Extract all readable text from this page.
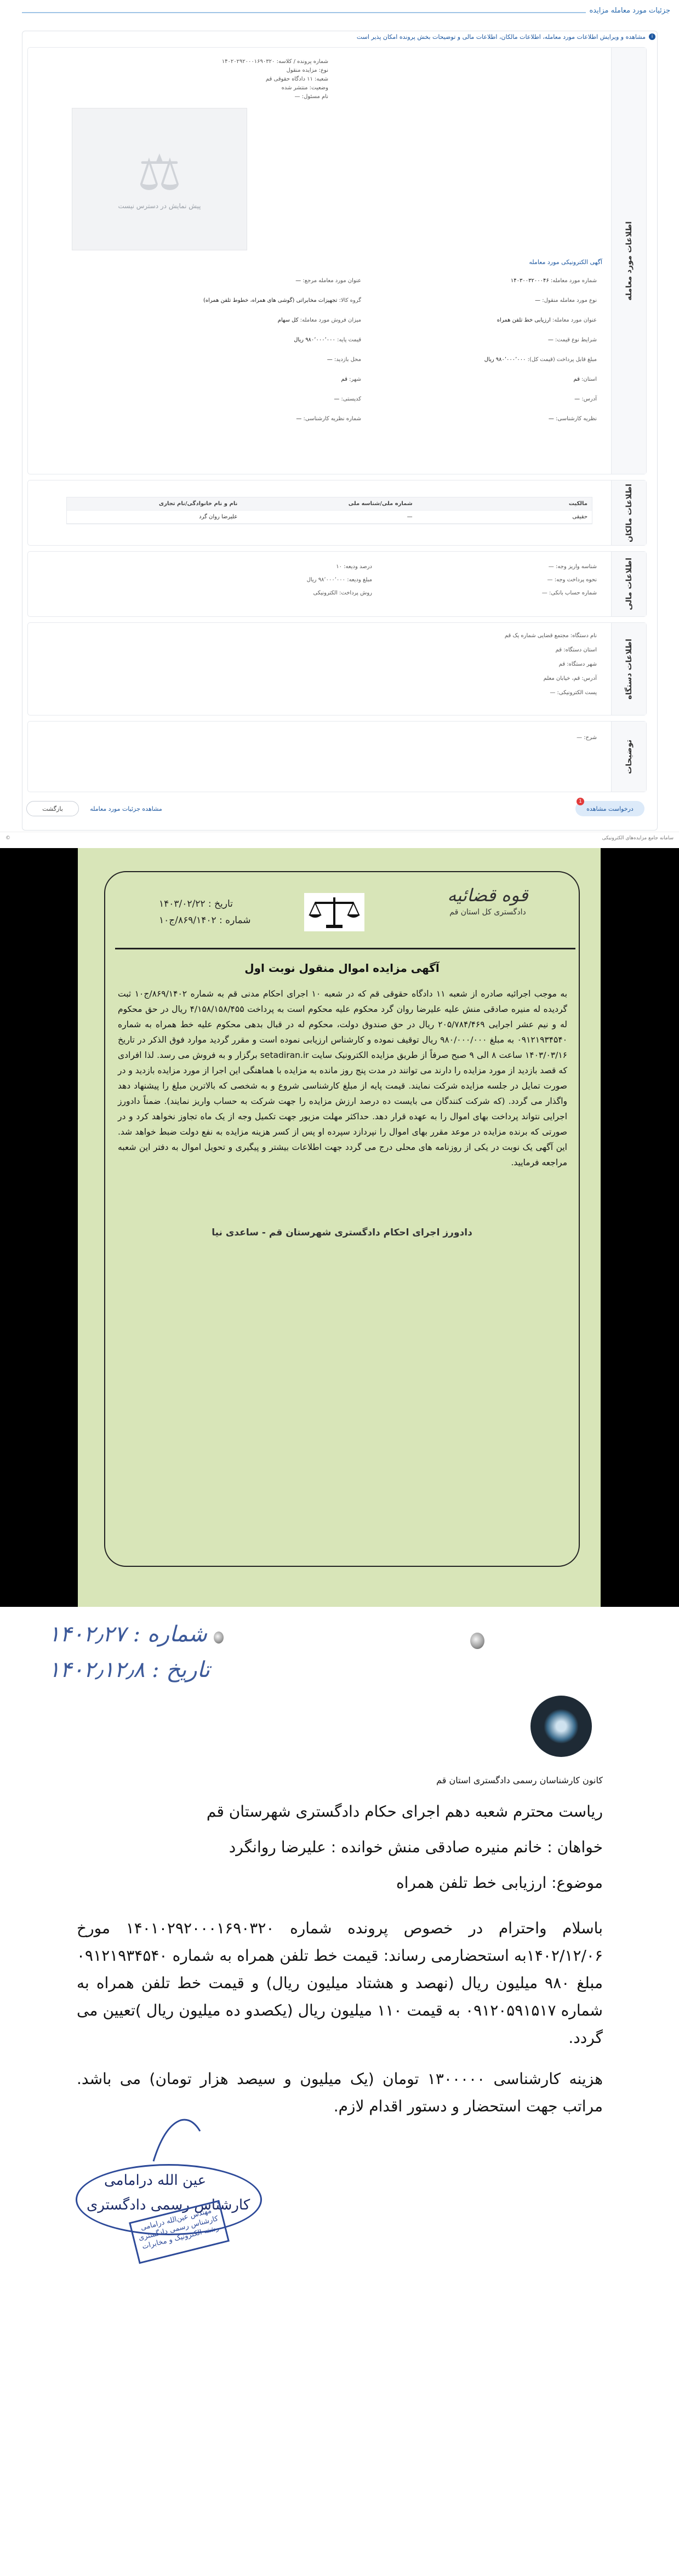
جزئیات مورد معامله مزایده
i
مشاهده و ویرایش اطلاعات مورد معامله، اطلاعات مالکان، اطلاعات مالی و توضیحات بخش پرونده امکان پذیر است
اطلاعات مورد معامله
شماره پرونده / کلاسه: ۱۴۰۲۰۲۹۲۰۰۰۱۶۹۰۳۲۰
نوع: مزایده منقول
شعبه: ۱۱ دادگاه حقوقی قم
وضعیت: منتشر شده
نام مسئول: —
⚖
پیش نمایش در دسترس نیست
آگهی الکترونیکی مورد معامله
شماره مورد معامله: ۱۴۰۳۰۰۳۲۰۰۰۴۶
عنوان مورد معامله مرجع: —
نوع مورد معامله منقول: —
گروه کالا: تجهیزات مخابراتی (گوشی های همراه، خطوط تلفن همراه)
عنوان مورد معامله: ارزیابی خط تلفن همراه
میزان فروش مورد معامله: کل سهام
شرایط نوع قیمت: —
قیمت پایه: ۹۸۰٬۰۰۰٬۰۰۰ ریال
مبلغ قابل پرداخت (قیمت کل): ۹۸۰٬۰۰۰٬۰۰۰ ریال
محل بازدید: —
استان: قم
شهر: قم
آدرس: —
کدپستی: —
نظریه کارشناسی: —
شماره نظریه کارشناسی: —
اطلاعات مالکان
مالکیت
شماره ملی/شناسه ملی
نام و نام خانوادگی/نام تجاری
حقیقی
—
علیرضا روان گرد
اطلاعات مالی
شناسه واریز وجه: —
درصد ودیعه: ۱۰
نحوه پرداخت وجه: —
مبلغ ودیعه: ۹۸٬۰۰۰٬۰۰۰ ریال
شماره حساب بانکی: —
روش پرداخت: الکترونیکی
اطلاعات دستگاه
نام دستگاه: مجتمع قضایی شماره یک قم
استان دستگاه: قم
شهر دستگاه: قم
آدرس: قم، خیابان معلم
پست الکترونیکی: —
توضیحات
شرح: —
بازگشت	مشاهده جزئیات مورد معامله
1
درخواست مشاهده
سامانه جامع مزایده‌های الکترونیکی
©
قوه قضائیه
دادگستری کل استان قم
تاریخ : ۱۴۰۳/۰۲/۲۲
شماره : ۸۶۹/۱۴۰۲/ج۱۰
آگهی مزایده اموال منقول نوبت اول
به موجب اجرائیه صادره از شعبه ۱۱ دادگاه حقوقی قم که در شعبه ۱۰ اجرای احکام مدنی قم به شماره ۸۶۹/۱۴۰۲/ج۱۰ ثبت گردیده له منیره صادقی منش علیه علیرضا روان گرد محکوم علیه محکوم است به پرداخت ۴/۱۵۸/۱۵۸/۴۵۵ ریال در حق محکوم له و نیم عشر اجرایی ۲۰۵/۷۸۴/۴۶۹ ریال در حق صندوق دولت، محکوم له در قبال بدهی محکوم علیه خط همراه به شماره ۰۹۱۲۱۹۳۴۵۴۰ به مبلغ ۹۸۰/۰۰۰/۰۰۰ ریال توقیف نموده و کارشناس ارزیابی نموده است و مقرر گردید موارد فوق الذکر در تاریخ ۱۴۰۳/۰۳/۱۶ ساعت ۸ الی ۹ صبح صرفاً از طریق مزایده الکترونیک سایت setadiran.ir برگزار و به فروش می رسد. لذا افرادی که قصد بازدید از مورد مزایده را دارند می توانند در مدت پنج روز مانده به مزایده با هماهنگی این اجرا از مورد مزایده بازدید و در صورت تمایل در جلسه مزایده شرکت نمایند. قیمت پایه از مبلغ کارشناسی شروع و به شخصی که بالاترین مبلغ را پیشنهاد دهد واگذار می گردد. (که شرکت کنندگان می بایست ده درصد ارزش مزایده را جهت شرکت به حساب واریز نمایند). ضمناً دادورز اجرایی نتواند پرداخت بهای اموال را به عهده قرار دهد. حداکثر مهلت مزیور جهت تکمیل وجه از یک ماه تجاوز نخواهد کرد و در صورتی که برنده مزایده در موعد مقرر بهای اموال را نپردازد سپرده او پس از کسر هزینه مزایده به نفع دولت ضبط خواهد شد. این آگهی یک نوبت در یکی از روزنامه های محلی درج می گردد جهت اطلاعات بیشتر و پیگیری و تحویل اموال به دفتر این شعبه مراجعه فرمایید.
دادورز اجرای احکام دادگستری شهرستان قم - ساعدی نیا
۱۴۰۲٫۲۷ : شماره
۱۴۰۲٫۱۲٫۸ : تاریخ
کانون کارشناسان رسمی دادگستری استان قم
ریاست محترم شعبه دهم اجرای حکام دادگستری شهرستان قم
خواهان : خانم منیره صادقی منش خوانده : علیرضا روانگرد
موضوع: ارزیابی خط تلفن همراه
باسلام واحترام در خصوص پرونده شماره ۱۴۰۱۰۲۹۲۰۰۰۱۶۹۰۳۲۰ مورخ ۱۴۰۲/۱۲/۰۶به استحضارمی رساند: قیمت خط تلفن همراه به شماره ۰۹۱۲۱۹۳۴۵۴۰ مبلغ ۹۸۰ میلیون ریال (نهصد و هشتاد میلیون ریال) و قیمت خط تلفن همراه به شماره ۰۹۱۲۰۵۹۱۵۱۷ به قیمت ۱۱۰ میلیون ریال (یکصدو ده میلیون ریال )تعیین می گردد.
هزینه کارشناسی ۱۳۰۰۰۰۰ تومان (یک میلیون و سیصد هزار تومان) می باشد. مراتب جهت استحضار و دستور اقدام لازم.
عین الله درامامی
کارشناس رسمی دادگستری
مهندس عین‌الله درامامی کارشناس رسمی دادگستری رشته الکترونیک و مخابرات
